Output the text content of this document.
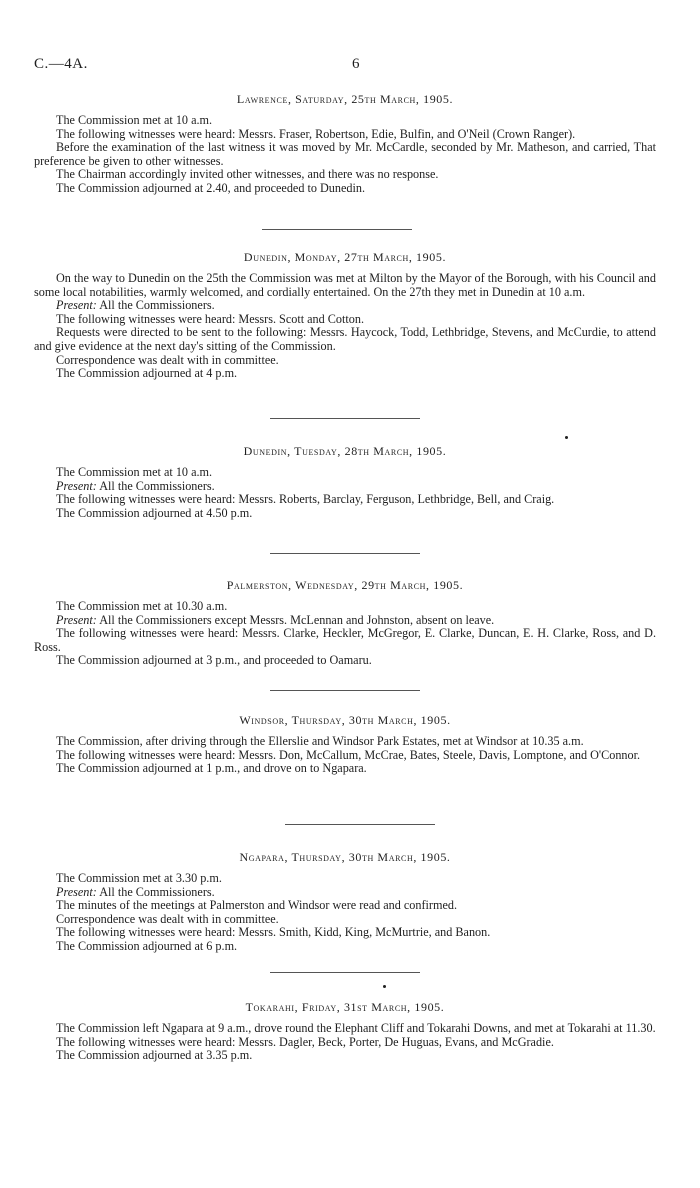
C.—4A.	6
Lawrence, Saturday, 25th March, 1905.

The Commission met at 10 a.m.

The following witnesses were heard: Messrs. Fraser, Robertson, Edie, Bulfin, and O'Neil (Crown Ranger).

Before the examination of the last witness it was moved by Mr. McCardle, seconded by Mr. Matheson, and carried, That preference be given to other witnesses.

The Chairman accordingly invited other witnesses, and there was no response.

The Commission adjourned at 2.40, and proceeded to Dunedin.

Dunedin, Monday, 27th March, 1905.

On the way to Dunedin on the 25th the Commission was met at Milton by the Mayor of the Borough, with his Council and some local notabilities, warmly welcomed, and cordially entertained. On the 27th they met in Dunedin at 10 a.m.

Present: All the Commissioners.

The following witnesses were heard: Messrs. Scott and Cotton.

Requests were directed to be sent to the following: Messrs. Haycock, Todd, Lethbridge, Stevens, and McCurdie, to attend and give evidence at the next day's sitting of the Commission.

Correspondence was dealt with in committee.

The Commission adjourned at 4 p.m.

Dunedin, Tuesday, 28th March, 1905.

The Commission met at 10 a.m.

Present: All the Commissioners.

The following witnesses were heard: Messrs. Roberts, Barclay, Ferguson, Lethbridge, Bell, and Craig.

The Commission adjourned at 4.50 p.m.

Palmerston, Wednesday, 29th March, 1905.

The Commission met at 10.30 a.m.

Present: All the Commissioners except Messrs. McLennan and Johnston, absent on leave.

The following witnesses were heard: Messrs. Clarke, Heckler, McGregor, E. Clarke, Duncan, E. H. Clarke, Ross, and D. Ross.

The Commission adjourned at 3 p.m., and proceeded to Oamaru.

Windsor, Thursday, 30th March, 1905.

The Commission, after driving through the Ellerslie and Windsor Park Estates, met at Windsor at 10.35 a.m.

The following witnesses were heard: Messrs. Don, McCallum, McCrae, Bates, Steele, Davis, Lomptone, and O'Connor.

The Commission adjourned at 1 p.m., and drove on to Ngapara.

Ngapara, Thursday, 30th March, 1905.

The Commission met at 3.30 p.m.

Present: All the Commissioners.

The minutes of the meetings at Palmerston and Windsor were read and confirmed.

Correspondence was dealt with in committee.

The following witnesses were heard: Messrs. Smith, Kidd, King, McMurtrie, and Banon.

The Commission adjourned at 6 p.m.

Tokarahi, Friday, 31st March, 1905.

The Commission left Ngapara at 9 a.m., drove round the Elephant Cliff and Tokarahi Downs, and met at Tokarahi at 11.30.

The following witnesses were heard: Messrs. Dagler, Beck, Porter, De Huguas, Evans, and McGradie.

The Commission adjourned at 3.35 p.m.
